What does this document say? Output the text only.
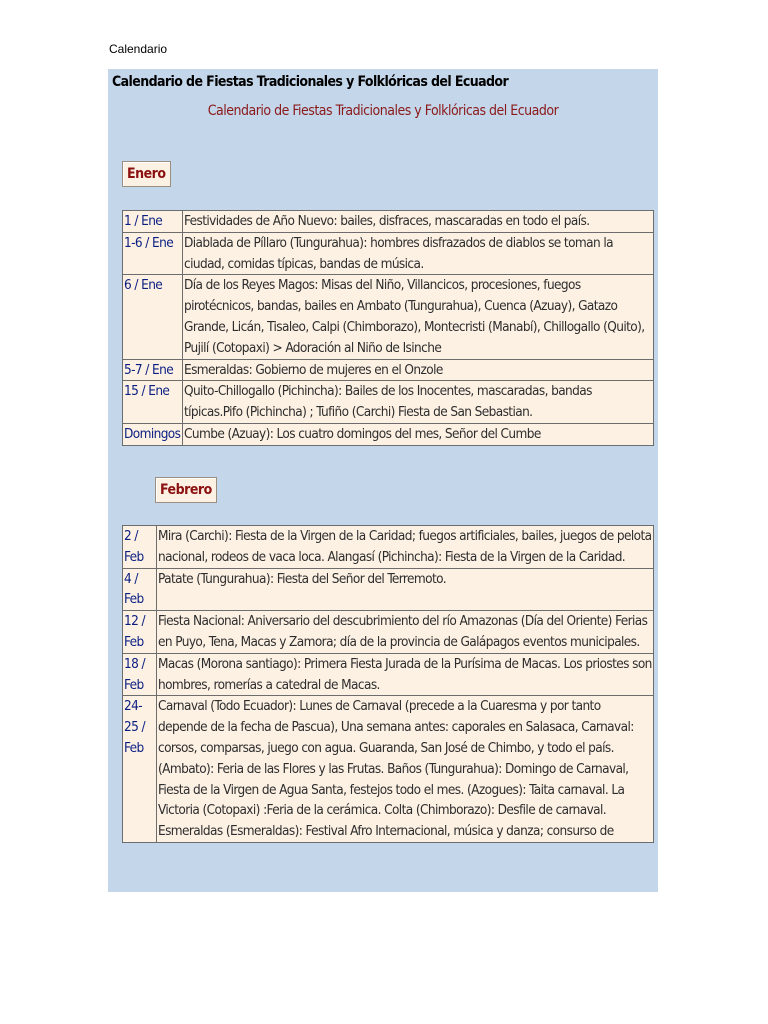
Calendario
Calendario de Fiestas Tradicionales y Folklóricas del Ecuador
Calendario de Fiestas Tradicionales y Folklóricas del Ecuador
Enero
1 / Ene	Festividades de Año Nuevo: bailes, disfraces, mascaradas en todo el país.
1-6 / Ene	Diablada de Píllaro (Tungurahua): hombres disfrazados de diablos se toman la ciudad, comidas típicas, bandas de música.
6 / Ene	Día de los Reyes Magos: Misas del Niño, Villancicos, procesiones, fuegos pirotécnicos, bandas, bailes en Ambato (Tungurahua), Cuenca (Azuay), Gatazo Grande, Licán, Tisaleo, Calpi (Chimborazo), Montecristi (Manabí), Chillogallo (Quito), Pujilí (Cotopaxi) > Adoración al Niño de Isinche
5-7 / Ene	Esmeraldas: Gobierno de mujeres en el Onzole
15 / Ene	Quito-Chillogallo (Pichincha): Bailes de los Inocentes, mascaradas, bandas típicas.Pifo (Pichincha) ; Tufiño (Carchi) Fiesta de San Sebastian.
Domingos	Cumbe (Azuay): Los cuatro domingos del mes, Señor del Cumbe
Febrero
2 / Feb	Mira (Carchi): Fiesta de la Virgen de la Caridad; fuegos artificiales, bailes, juegos de pelota nacional, rodeos de vaca loca. Alangasí (Pichincha): Fiesta de la Virgen de la Caridad.
4 / Feb	Patate (Tungurahua): Fiesta del Señor del Terremoto.
12 / Feb	Fiesta Nacional: Aniversario del descubrimiento del río Amazonas (Día del Oriente) Ferias en Puyo, Tena, Macas y Zamora; día de la provincia de Galápagos eventos municipales.
18 / Feb	Macas (Morona santiago): Primera Fiesta Jurada de la Purísima de Macas. Los priostes son hombres, romerías a catedral de Macas.
24-25 / Feb	Carnaval (Todo Ecuador): Lunes de Carnaval (precede a la Cuaresma y por tanto depende de la fecha de Pascua), Una semana antes: caporales en Salasaca, Carnaval: corsos, comparsas, juego con agua. Guaranda, San José de Chimbo, y todo el país. (Ambato): Feria de las Flores y las Frutas. Baños (Tungurahua): Domingo de Carnaval, Fiesta de la Virgen de Agua Santa, festejos todo el mes. (Azogues): Taita carnaval. La Victoria (Cotopaxi) :Feria de la cerámica. Colta (Chimborazo): Desfile de carnaval. Esmeraldas (Esmeraldas): Festival Afro Internacional, música y danza; consurso de
